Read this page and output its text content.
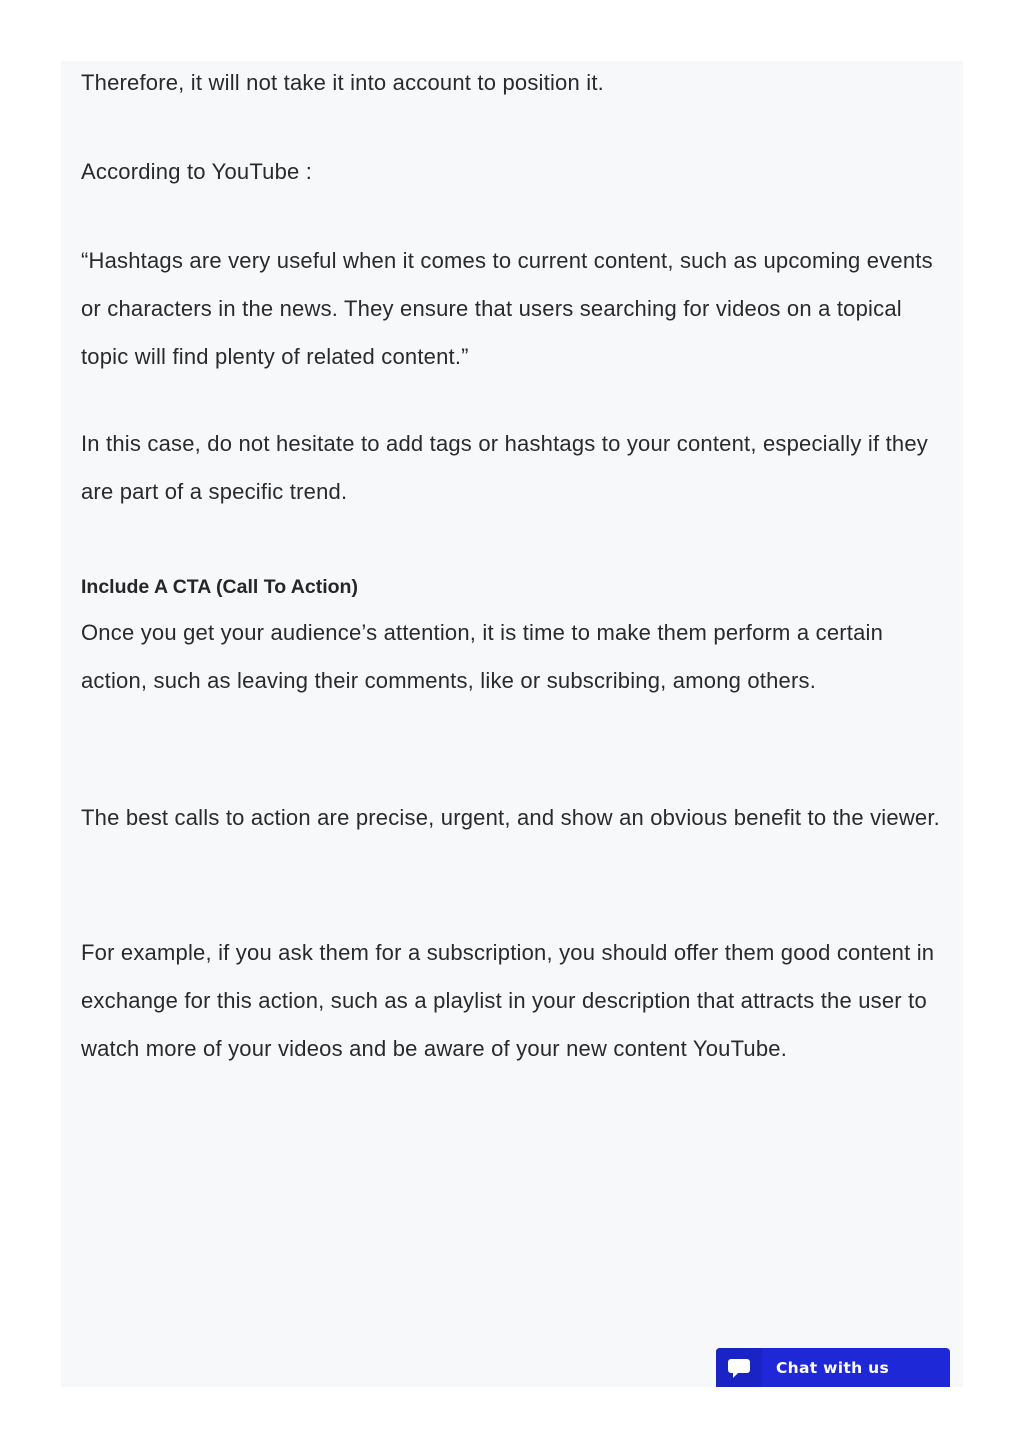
Therefore, it will not take it into account to position it.

According to YouTube :

“Hashtags are very useful when it comes to current content, such as upcoming events or characters in the news. They ensure that users searching for videos on a topical topic will find plenty of related content.”

In this case, do not hesitate to add tags or hashtags to your content, especially if they are part of a specific trend.

Include A CTA (Call To Action)

Once you get your audience’s attention, it is time to make them perform a certain action, such as leaving their comments, like or subscribing, among others.

The best calls to action are precise, urgent, and show an obvious benefit to the viewer.

For example, if you ask them for a subscription, you should offer them good content in exchange for this action, such as a playlist in your description that attracts the user to watch more of your videos and be aware of your new content YouTube.

Chat with us
